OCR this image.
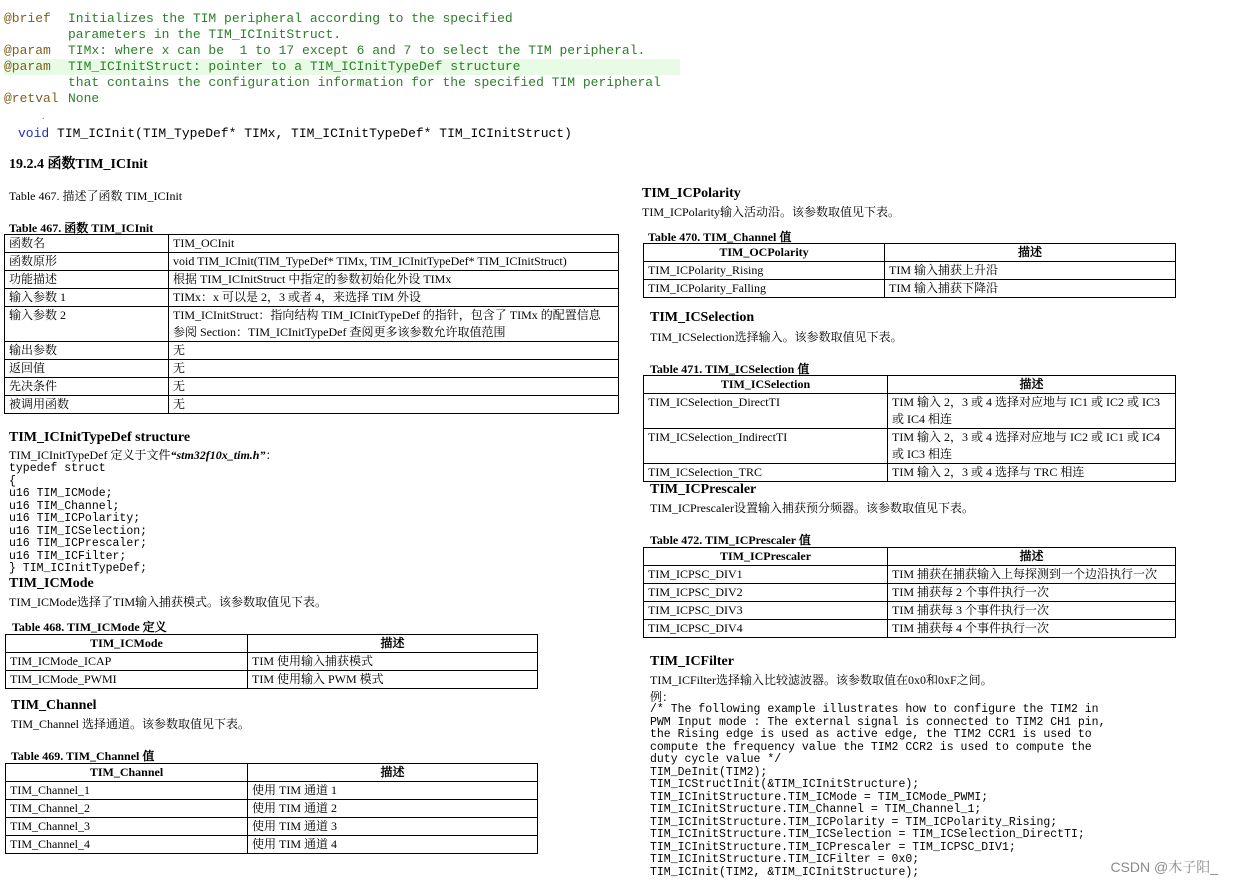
@brief Initializes the TIM peripheral according to the specified
parameters in the TIM_ICInitStruct.
@param TIMx: where x can be  1 to 17 except 6 and 7 to select the TIM peripheral.
@param TIM_ICInitStruct: pointer to a TIM_ICInitTypeDef structure
that contains the configuration information for the specified TIM peripheral
@retval None
.
void TIM_ICInit(TIM_TypeDef* TIMx, TIM_ICInitTypeDef* TIM_ICInitStruct)
19.2.4 函数TIM_ICInit
Table 467. 描述了函数 TIM_ICInit
Table 467. 函数 TIM_ICInit
函数名	TIM_OCInit
函数原形	void TIM_ICInit(TIM_TypeDef* TIMx, TIM_ICInitTypeDef* TIM_ICInitStruct)
功能描述	根据 TIM_ICInitStruct 中指定的参数初始化外设 TIMx
输入参数 1	TIMx：x 可以是 2，3 或者 4，来选择 TIM 外设
输入参数 2	TIM_ICInitStruct：指向结构 TIM_ICInitTypeDef 的指针，包含了 TIMx 的配置信息
参阅 Section：TIM_ICInitTypeDef 查阅更多该参数允许取值范围

输出参数	无
返回值	无
先决条件	无
被调用函数	无
TIM_ICInitTypeDef structure
TIM_ICInitTypeDef 定义于文件“stm32f10x_tim.h”：
typedef struct
{
u16 TIM_ICMode;
u16 TIM_Channel;
u16 TIM_ICPolarity;
u16 TIM_ICSelection;
u16 TIM_ICPrescaler;
u16 TIM_ICFilter;
} TIM_ICInitTypeDef;
TIM_ICMode
TIM_ICMode选择了TIM输入捕获模式。该参数取值见下表。
Table 468. TIM_ICMode 定义
TIM_ICMode	描述
TIM_ICMode_ICAP	TIM 使用输入捕获模式
TIM_ICMode_PWMI	TIM 使用输入 PWM 模式
TIM_Channel
TIM_Channel 选择通道。该参数取值见下表。
Table 469. TIM_Channel 值
TIM_Channel	描述
TIM_Channel_1	使用 TIM 通道 1
TIM_Channel_2	使用 TIM 通道 2
TIM_Channel_3	使用 TIM 通道 3
TIM_Channel_4	使用 TIM 通道 4
TIM_ICPolarity
TIM_ICPolarity输入活动沿。该参数取值见下表。
Table 470. TIM_Channel 值
TIM_OCPolarity	描述
TIM_ICPolarity_Rising	TIM 输入捕获上升沿
TIM_ICPolarity_Falling	TIM 输入捕获下降沿
TIM_ICSelection
TIM_ICSelection选择输入。该参数取值见下表。
Table 471. TIM_ICSelection 值
TIM_ICSelection	描述
TIM_ICSelection_DirectTI	TIM 输入 2，3 或 4 选择对应地与 IC1 或 IC2 或 IC3 或 IC4 相连
TIM_ICSelection_IndirectTI	TIM 输入 2，3 或 4 选择对应地与 IC2 或 IC1 或 IC4 或 IC3 相连
TIM_ICSelection_TRC	TIM 输入 2，3 或 4 选择与 TRC 相连
TIM_ICPrescaler
TIM_ICPrescaler设置输入捕获预分频器。该参数取值见下表。
Table 472. TIM_ICPrescaler 值
TIM_ICPrescaler	描述
TIM_ICPSC_DIV1	TIM 捕获在捕获输入上每探测到一个边沿执行一次
TIM_ICPSC_DIV2	TIM 捕获每 2 个事件执行一次
TIM_ICPSC_DIV3	TIM 捕获每 3 个事件执行一次
TIM_ICPSC_DIV4	TIM 捕获每 4 个事件执行一次
TIM_ICFilter
TIM_ICFilter选择输入比较滤波器。该参数取值在0x0和0xF之间。
例：
/* The following example illustrates how to configure the TIM2 in
PWM Input mode : The external signal is connected to TIM2 CH1 pin,
the Rising edge is used as active edge, the TIM2 CCR1 is used to
compute the frequency value the TIM2 CCR2 is used to compute the
duty cycle value */
TIM_DeInit(TIM2);
TIM_ICStructInit(&TIM_ICInitStructure);
TIM_ICInitStructure.TIM_ICMode = TIM_ICMode_PWMI;
TIM_ICInitStructure.TIM_Channel = TIM_Channel_1;
TIM_ICInitStructure.TIM_ICPolarity = TIM_ICPolarity_Rising;
TIM_ICInitStructure.TIM_ICSelection = TIM_ICSelection_DirectTI;
TIM_ICInitStructure.TIM_ICPrescaler = TIM_ICPSC_DIV1;
TIM_ICInitStructure.TIM_ICFilter = 0x0;
TIM_ICInit(TIM2, &TIM_ICInitStructure);	CSDN @木子阳_
